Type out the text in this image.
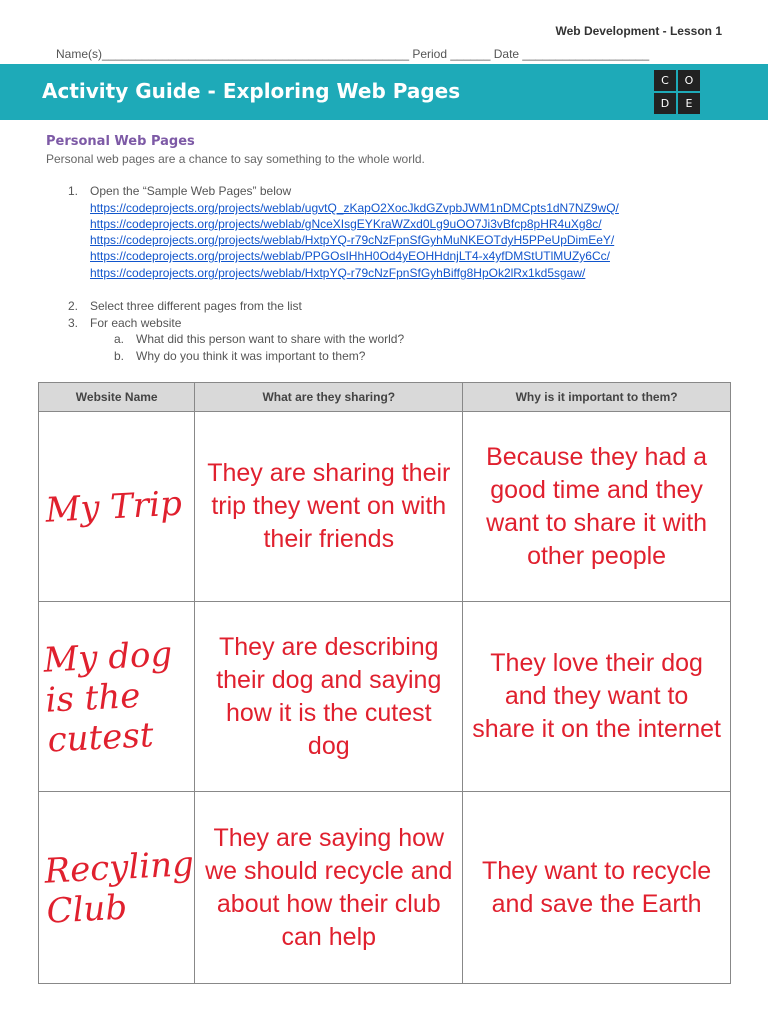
Web Development - Lesson 1
Name(s)______________________________________________ Period ______ Date ___________________
Activity Guide - Exploring Web Pages	C	O
D	E
Personal Web Pages
Personal web pages are a chance to say something to the whole world.
1. Open the “Sample Web Pages” below
https://codeprojects.org/projects/weblab/ugvtQ_zKapO2XocJkdGZvpbJWM1nDMCpts1dN7NZ9wQ/
https://codeprojects.org/projects/weblab/gNceXIsgEYKraWZxd0Lg9uOO7Ji3vBfcp8pHR4uXg8c/
https://codeprojects.org/projects/weblab/HxtpYQ-r79cNzFpnSfGyhMuNKEOTdyH5PPeUpDimEeY/
https://codeprojects.org/projects/weblab/PPGOsIHhH0Od4yEOHHdnjLT4-x4yfDMStUTlMUZy6Cc/
https://codeprojects.org/projects/weblab/HxtpYQ-r79cNzFpnSfGyhBiffg8HpOk2lRx1kd5sgaw/
2. Select three different pages from the list
3. For each website
a. What did this person want to share with the world?
b. Why do you think it was important to them?
Website Name	What are they sharing?	Why is it important to them?
My Trip	They are sharing their trip they went on with their friends	Because they had a good time and they want to share it with other people
My dog is the cutest	They are describing their dog and saying how it is the cutest dog	They love their dog and they want to share it on the internet
Recyling Club	They are saying how we should recycle and about how their club can help	They want to recycle and save the Earth
